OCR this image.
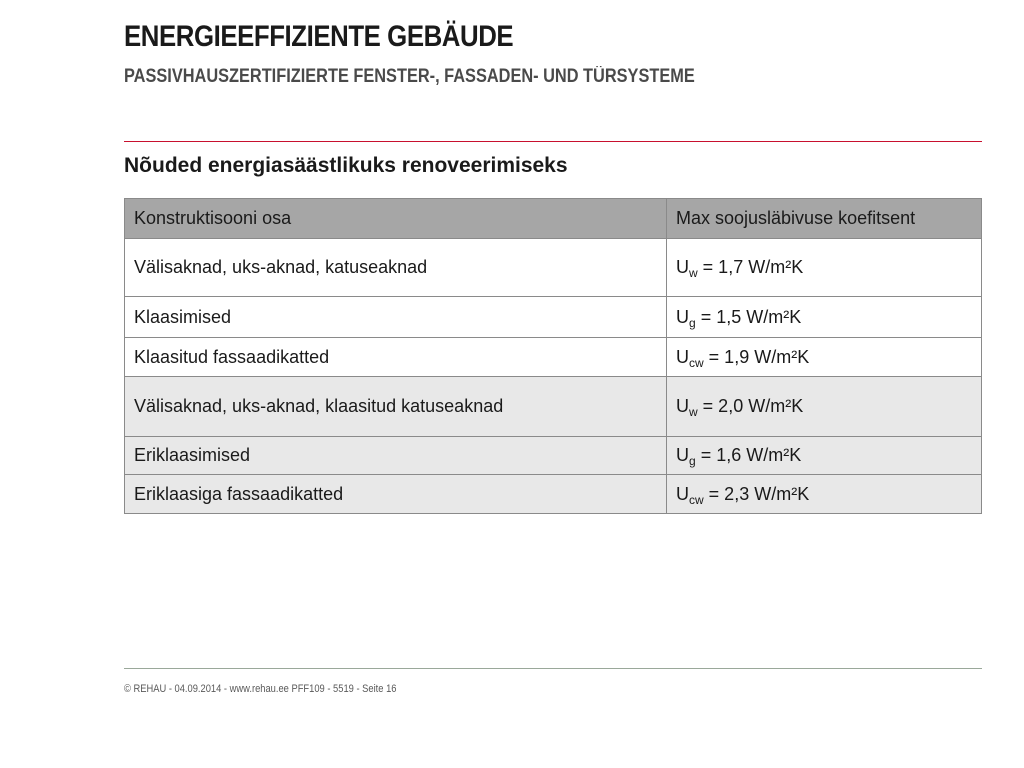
ENERGIEEFFIZIENTE GEBÄUDE
PASSIVHAUSZERTIFIZIERTE FENSTER-, FASSADEN- UND TÜRSYSTEME
Nõuded energiasäästlikuks renoveerimiseks
Konstruktisooni osa	Max soojusläbivuse koefitsent
Välisaknad, uks-aknad, katuseaknad	$U_w = 1,7$ W/m²K
Klaasimised	$U_g = 1,5$ W/m²K
Klaasitud fassaadikatted	$U_{cw} = 1,9$ W/m²K
Välisaknad, uks-aknad, klaasitud katuseaknad	$U_w = 2,0$ W/m²K
Eriklaasimised	$U_g = 1,6$ W/m²K
Eriklaasiga fassaadikatted	$U_{cw} = 2,3$ W/m²K
© REHAU - 04.09.2014 - www.rehau.ee PFF109 - 5519 - Seite 16
